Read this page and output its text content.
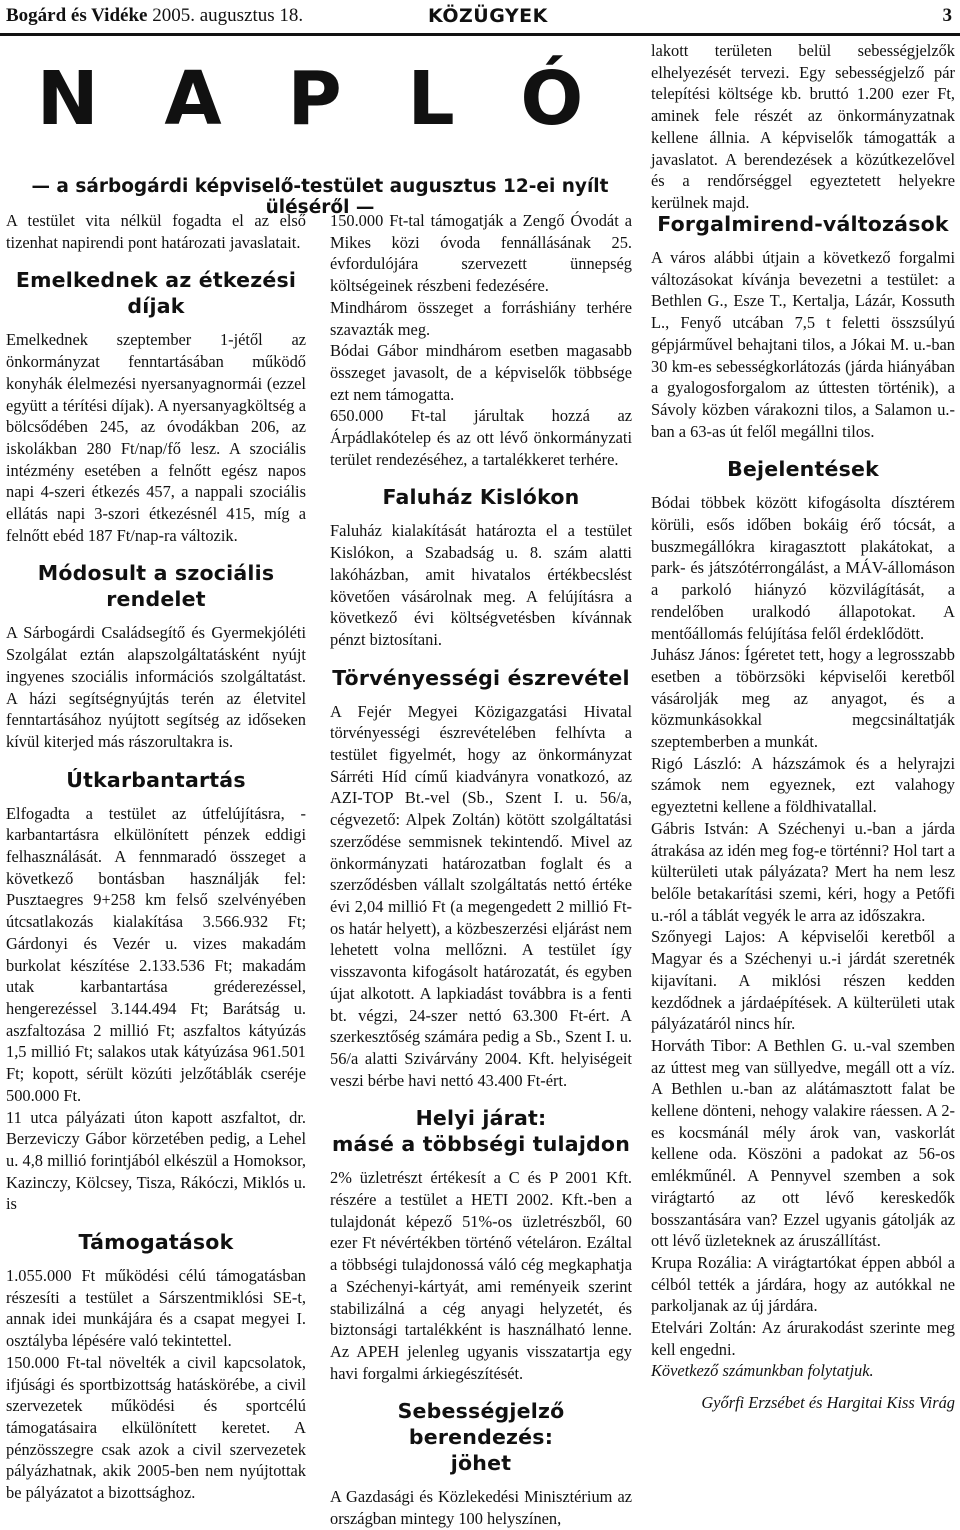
Bogárd és Vidéke 2005. augusztus 18.	KÖZÜGYEK	3
N A P L Ó
— a sárbogárdi képviselő-testület augusztus 12-ei nyílt üléséről —

A testület vita nélkül fogadta el az első tizenhat napirendi pont határozati javaslatait.

Emelkednek az étkezési díjak

Emelkednek szeptember 1-jétől az önkormányzat fenntartásában működő konyhák élelmezési nyersanyagnormái (ezzel együtt a térítési díjak). A nyersanyagköltség a bölcsődében 245, az óvodákban 206, az iskolákban 280 Ft/nap/fő lesz. A szociális intézmény esetében a felnőtt egész napos napi 4-szeri étkezés 457, a nappali szociális ellátás napi 3-szori étkezésnél 415, míg a felnőtt ebéd 187 Ft/nap-ra változik.

Módosult a szociális rendelet

A Sárbogárdi Családsegítő és Gyermekjóléti Szolgálat eztán alapszolgáltatásként nyújt ingyenes szociális információs szolgáltatást. A házi segítségnyújtás terén az életvitel fenntartásához nyújtott segítség az időseken kívül kiterjed más rászorultakra is.

Útkarbantartás

Elfogadta a testület az útfelújításra, -karbantartásra elkülönített pénzek eddigi felhasználását. A fennmaradó összeget a következő bontásban használják fel: Pusztaegres 9+258 km felső szelvényében útcsatlakozás kialakítása 3.566.932 Ft; Gárdonyi és Vezér u. vizes makadám burkolat készítése 2.133.536 Ft; makadám utak karbantartása gréderezéssel, hengerezéssel 3.144.494 Ft; Barátság u. aszfaltozása 2 millió Ft; aszfaltos kátyúzás 1,5 millió Ft; salakos utak kátyúzása 961.501 Ft; kopott, sérült közúti jelzőtáblák cseréje 500.000 Ft.

11 utca pályázati úton kapott aszfaltot, dr. Berzeviczy Gábor körzetében pedig, a Lehel u. 4,8 millió forintjából elkészül a Homoksor, Kazinczy, Kölcsey, Tisza, Rákóczi, Miklós u. is

Támogatások

1.055.000 Ft működési célú támogatásban részesíti a testület a Sárszentmiklósi SE-t, annak idei munkájára és a csapat megyei I. osztályba lépésére való tekintettel.

150.000 Ft-tal növelték a civil kapcsolatok, ifjúsági és sportbizottság hatáskörébe, a civil szervezetek működési és sportcélú támogatásaira elkülönített keretet. A pénzösszegre csak azok a civil szervezetek pályázhatnak, akik 2005-ben nem nyújtottak be pályázatot a bizottsághoz.

150.000 Ft-tal támogatják a Zengő Óvodát a Mikes közi óvoda fennállásának 25. évfordulójára szervezett ünnepség költségeinek részbeni fedezésére.

Mindhárom összeget a forráshiány terhére szavazták meg.

Bódai Gábor mindhárom esetben magasabb összeget javasolt, de a képviselők többsége ezt nem támogatta.

650.000 Ft-tal járultak hozzá az Árpádlakótelep és az ott lévő önkormányzati terület rendezéséhez, a tartalékkeret terhére.

Faluház Kislókon

Faluház kialakítását határozta el a testület Kislókon, a Szabadság u. 8. szám alatti lakóházban, amit hivatalos értékbecslést követően vásárolnak meg. A felújításra a következő évi költségvetésben kívánnak pénzt biztosítani.

Törvényességi észrevétel

A Fejér Megyei Közigazgatási Hivatal törvényességi észrevételében felhívta a testület figyelmét, hogy az önkormányzat Sárréti Híd című kiadványra vonatkozó, az AZI-TOP Bt.-vel (Sb., Szent I. u. 56/a, cégvezető: Alpek Zoltán) kötött szolgáltatási szerződése semmisnek tekintendő. Mivel az önkormányzati határozatban foglalt és a szerződésben vállalt szolgáltatás nettó értéke évi 2,04 millió Ft (a megengedett 2 millió Ft-os határ helyett), a közbeszerzési eljárást nem lehetett volna mellőzni. A testület így visszavonta kifogásolt határozatát, és egyben újat alkotott. A lapkiadást továbbra is a fenti bt. végzi, 24-szer nettó 63.300 Ft-ért. A szerkesztőség számára pedig a Sb., Szent I. u. 56/a alatti Szivárvány 2004. Kft. helyiségeit veszi bérbe havi nettó 43.400 Ft-ért.

Helyi járat:

másé a többségi tulajdon

2% üzletrészt értékesít a C és P 2001 Kft. részére a testület a HETI 2002. Kft.-ben a tulajdonát képező 51%-os üzletrészből, 60 ezer Ft névértékben történő vételáron. Ezáltal a többségi tulajdonossá váló cég megkaphatja a Széchenyi-kártyát, ami reményeik szerint stabilizálná a cég anyagi helyzetét, és biztonsági tartalékként is használható lenne. Az APEH jelenleg ugyanis visszatartja egy havi forgalmi árkiegészítését.

Sebességjelző berendezés:

jöhet

A Gazdasági és Közlekedési Minisztérium az országban mintegy 100 helyszínen,

lakott területen belül sebességjelzők elhelyezését tervezi. Egy sebességjelző pár telepítési költsége kb. bruttó 1.200 ezer Ft, aminek fele részét az önkormányzatnak kellene állnia. A képviselők támogatták a javaslatot. A berendezések a közútkezelővel és a rendőrséggel egyeztetett helyekre kerülnek majd.

Forgalmirend-változások

A város alábbi útjain a következő forgalmi változásokat kívánja bevezetni a testület: a Bethlen G., Esze T., Kertalja, Lázár, Kossuth L., Fenyő utcában 7,5 t feletti összsúlyú gépjárművel behajtani tilos, a Jókai M. u.-ban 30 km-es sebességkorlátozás (járda hiányában a gyalogosforgalom az úttesten történik), a Sávoly közben várakozni tilos, a Salamon u.-ban a 63-as út felől megállni tilos.

Bejelentések

Bódai többek között kifogásolta dísztérem körüli, esős időben bokáig érő tócsát, a buszmegállókra kiragasztott plakátokat, a park- és játszótérrongálást, a MÁV-állomáson a parkoló hiányzó közvilágítását, a rendelőben uralkodó állapotokat. A mentőállomás felújítása felől érdeklődött.

Juhász János: Ígéretet tett, hogy a legrosszabb esetben a töbörzsöki képviselői keretből vásárolják meg az anyagot, és a közmunkásokkal megcsináltatják szeptemberben a munkát.

Rigó László: A házszámok és a helyrajzi számok nem egyeznek, ezt valahogy egyeztetni kellene a földhivatallal.

Gábris István: A Széchenyi u.-ban a járda átrakása az idén meg fog-e történni? Hol tart a külterületi utak pályázata? Mert ha nem lesz belőle betakarítási szemi, kéri, hogy a Petőfi u.-ról a táblát vegyék le arra az időszakra.

Szőnyegi Lajos: A képviselői keretből a Magyar és a Széchenyi u.-i járdát szeretnék kijavítani. A miklósi részen kedden kezdődnek a járdaépítések. A külterületi utak pályázatáról nincs hír.

Horváth Tibor: A Bethlen G. u.-val szemben az úttest meg van süllyedve, megáll ott a víz. A Bethlen u.-ban az alátámasztott falat be kellene dönteni, nehogy valakire ráessen. A 2-es kocsmánál mély árok van, vaskorlát kellene oda. Köszöni a padokat az 56-os emlékműnél. A Pennyvel szemben a sok virágtartó az ott lévő kereskedők bosszantására van? Ezzel ugyanis gátolják az ott lévő üzleteknek az áruszállítást.

Krupa Rozália: A virágtartókat éppen abból a célból tették a járdára, hogy az autókkal ne parkoljanak az új járdára.

Etelvári Zoltán: Az árurakodást szerinte meg kell engedni.

Következő számunkban folytatjuk.

Győrfi Erzsébet és Hargitai Kiss Virág
